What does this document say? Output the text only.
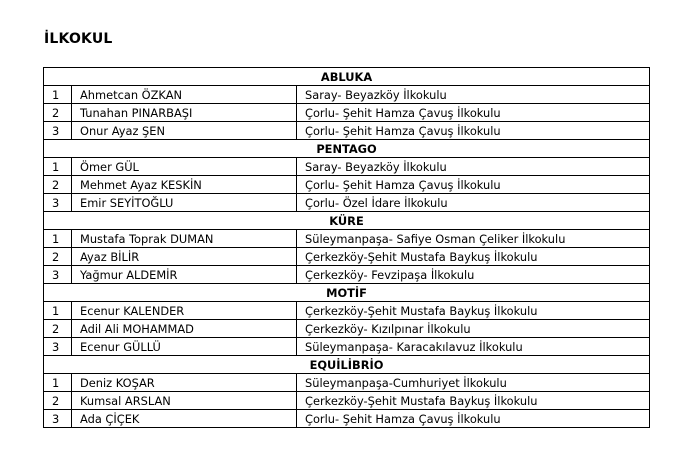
İLKOKUL
ABLUKA		
1	Ahmetcan ÖZKAN	Saray- Beyazköy İlkokulu
2	Tunahan PINARBAŞI	Çorlu- Şehit Hamza Çavuş İlkokulu
3	Onur Ayaz ŞEN	Çorlu- Şehit Hamza Çavuş İlkokulu
PENTAGO		
1	Ömer GÜL	Saray- Beyazköy İlkokulu
2	Mehmet Ayaz KESKİN	Çorlu- Şehit Hamza Çavuş İlkokulu
3	Emir SEYİTOĞLU	Çorlu- Özel İdare İlkokulu
KÜRE		
1	Mustafa Toprak DUMAN	Süleymanpaşa- Safiye Osman Çeliker İlkokulu
2	Ayaz BİLİR	Çerkezköy-Şehit Mustafa Baykuş İlkokulu
3	Yağmur ALDEMİR	Çerkezköy- Fevzipaşa İlkokulu
MOTİF		
1	Ecenur KALENDER	Çerkezköy-Şehit Mustafa Baykuş İlkokulu
2	Adil Ali MOHAMMAD	Çerkezköy- Kızılpınar İlkokulu
3	Ecenur GÜLLÜ	Süleymanpaşa- Karacakılavuz İlkokulu
EQUİLİBRİO		
1	Deniz KOŞAR	Süleymanpaşa-Cumhuriyet İlkokulu
2	Kumsal ARSLAN	Çerkezköy-Şehit Mustafa Baykuş İlkokulu
3	Ada ÇİÇEK	Çorlu- Şehit Hamza Çavuş İlkokulu
